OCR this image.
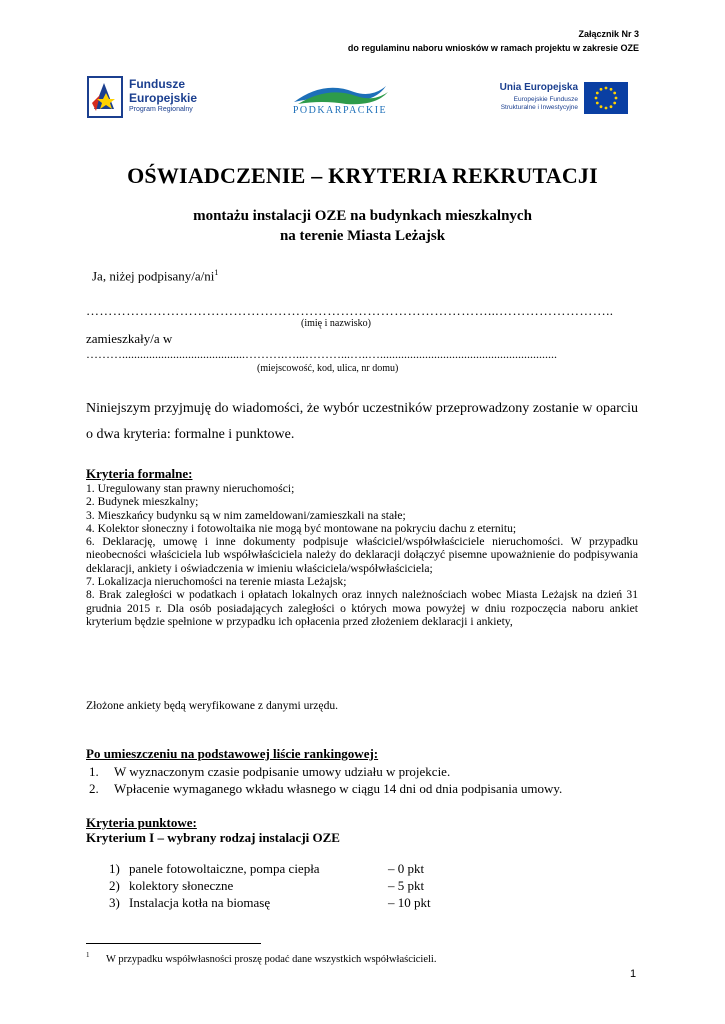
Załącznik Nr 3
do regulaminu naboru wniosków w ramach projektu w zakresie OZE
Fundusze
Europejskie
Program Regionalny	PODKARPACKIE
Unia Europejska
Europejskie Fundusze
Strukturalne i Inwestycyjne
OŚWIADCZENIE – KRYTERIA REKRUTACJI
montażu instalacji OZE na budynkach mieszkalnych
na terenie Miasta Leżajsk
Ja, niżej podpisany/$a/ni^1$
………………………………………………………………………………...……………………..
(imię i nazwisko)
zamieszkały/a w
……….........................................……….…...………...…..…...........................................................
(miejscowość, kod, ulica, nr domu)
Niniejszym przyjmuję do wiadomości, że wybór uczestników przeprowadzony zostanie w oparciu o dwa kryteria: formalne i punktowe.
Kryteria formalne:
1. Uregulowany stan prawny nieruchomości;
2. Budynek mieszkalny;
3. Mieszkańcy budynku są w nim zameldowani/zamieszkali na stałe;
4. Kolektor słoneczny i fotowoltaika nie mogą być montowane na pokryciu dachu z eternitu;
6. Deklarację, umowę i inne dokumenty podpisuje właściciel/współwłaściciele nieruchomości. W przypadku nieobecności właściciela lub współwłaściciela należy do deklaracji dołączyć pisemne upoważnienie do podpisywania deklaracji, ankiety i oświadczenia w imieniu właściciela/współwłaściciela;
7. Lokalizacja nieruchomości na terenie miasta Leżajsk;
8. Brak zaległości w podatkach i opłatach lokalnych oraz innych należnościach wobec Miasta Leżajsk na dzień 31 grudnia 2015 r. Dla osób posiadających zaległości o których mowa powyżej w dniu rozpoczęcia naboru ankiet kryterium będzie spełnione w przypadku ich opłacenia przed złożeniem deklaracji i ankiety,
Złożone ankiety będą weryfikowane z danymi urzędu.
Po umieszczeniu na podstawowej liście rankingowej:
1. W wyznaczonym czasie podpisanie umowy udziału w projekcie.
2. Wpłacenie wymaganego wkładu własnego w ciągu 14 dni od dnia podpisania umowy.
Kryteria punktowe:
Kryterium I – wybrany rodzaj instalacji OZE
1) panele fotowoltaiczne, pompa ciepła	– 0 pkt
2) kolektory słoneczne	– 5 pkt
3) Instalacja kotła na biomasę	– 10 pkt
1 W przypadku współwłasności proszę podać dane wszystkich współwłaścicieli.
1
